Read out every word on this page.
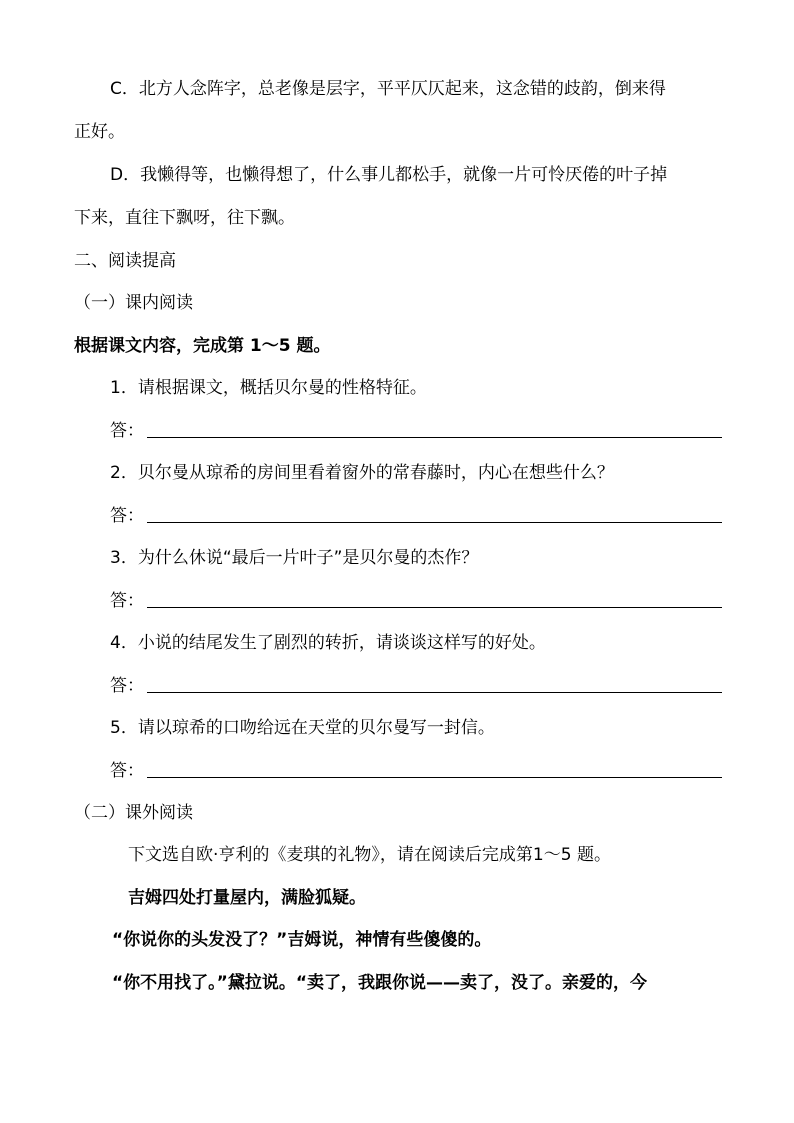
C．北方人念阵字，总老像是层字，平平仄仄起来，这念错的歧韵，倒来得
正好。
D．我懒得等，也懒得想了，什么事儿都松手，就像一片可怜厌倦的叶子掉
下来，直往下飘呀，往下飘。
二、阅读提高
（一）课内阅读
根据课文内容，完成第 1～5 题。
1．请根据课文，概括贝尔曼的性格特征。
答：
2．贝尔曼从琼希的房间里看着窗外的常春藤时，内心在想些什么？
答：
3．为什么休说“最后一片叶子”是贝尔曼的杰作？
答：
4．小说的结尾发生了剧烈的转折，请谈谈这样写的好处。
答：
5．请以琼希的口吻给远在天堂的贝尔曼写一封信。
答：
（二）课外阅读
下文选自欧·亨利的《麦琪的礼物》，请在阅读后完成第1～5 题。
吉姆四处打量屋内，满脸狐疑。
“你说你的头发没了？”吉姆说，神情有些傻傻的。
“你不用找了。”黛拉说。“卖了，我跟你说——卖了，没了。亲爱的，今
